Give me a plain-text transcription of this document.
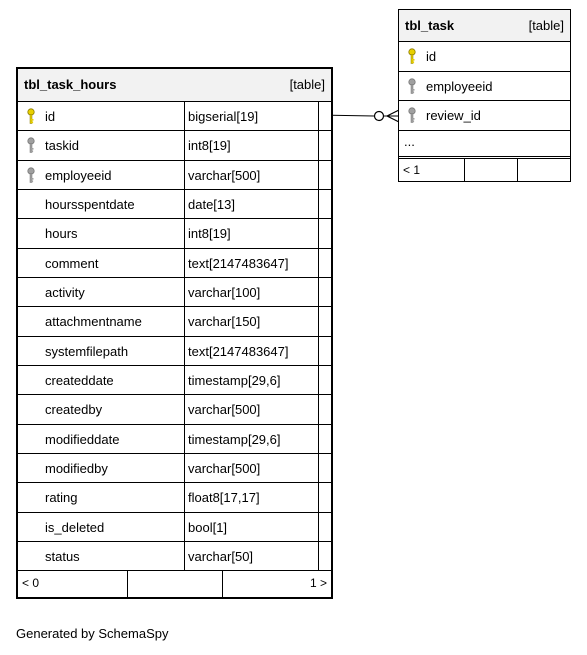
tbl_task_hours	[table]
id	bigserial[19]
taskid	int8[19]
employeeid	varchar[500]
hoursspentdate	date[13]
hours	int8[19]
comment	text[2147483647]
activity	varchar[100]
attachmentname	varchar[150]
systemfilepath	text[2147483647]
createddate	timestamp[29,6]
createdby	varchar[500]
modifieddate	timestamp[29,6]
modifiedby	varchar[500]
rating	float8[17,17]
is_deleted	bool[1]
status	varchar[50]
< 0	1 >
tbl_task	[table]
id
employeeid
review_id
...
< 1
Generated by SchemaSpy
